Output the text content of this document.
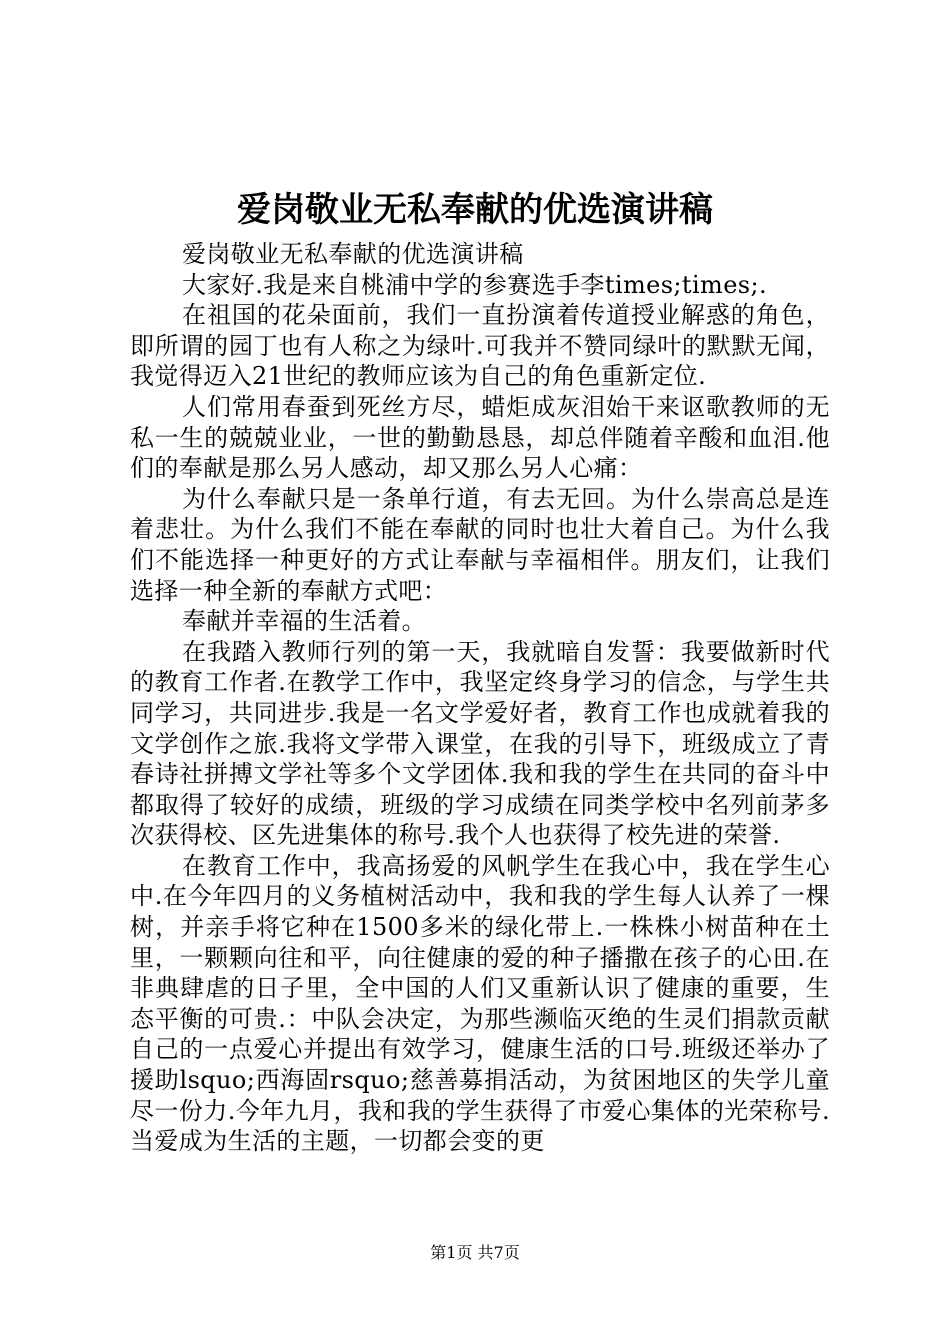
爱岗敬业无私奉献的优选演讲稿

爱岗敬业无私奉献的优选演讲稿

大家好.我是来自桃浦中学的参赛选手李times;times;.

在祖国的花朵面前，我们一直扮演着传道授业解惑的角色，即所谓的园丁也有人称之为绿叶.可我并不赞同绿叶的默默无闻，我觉得迈入21世纪的教师应该为自己的角色重新定位.

人们常用春蚕到死丝方尽，蜡炬成灰泪始干来讴歌教师的无私一生的兢兢业业，一世的勤勤恳恳，却总伴随着辛酸和血泪.他们的奉献是那么另人感动，却又那么另人心痛：

为什么奉献只是一条单行道，有去无回。为什么崇高总是连着悲壮。为什么我们不能在奉献的同时也壮大着自己。为什么我们不能选择一种更好的方式让奉献与幸福相伴。朋友们，让我们选择一种全新的奉献方式吧：

奉献并幸福的生活着。

在我踏入教师行列的第一天，我就暗自发誓：我要做新时代的教育工作者.在教学工作中，我坚定终身学习的信念，与学生共同学习，共同进步.我是一名文学爱好者，教育工作也成就着我的文学创作之旅.我将文学带入课堂，在我的引导下，班级成立了青春诗社拼搏文学社等多个文学团体.我和我的学生在共同的奋斗中都取得了较好的成绩，班级的学习成绩在同类学校中名列前茅多次获得校、区先进集体的称号.我个人也获得了校先进的荣誉.

在教育工作中，我高扬爱的风帆学生在我心中，我在学生心中.在今年四月的义务植树活动中，我和我的学生每人认养了一棵树，并亲手将它种在1500多米的绿化带上.一株株小树苗种在土里，一颗颗向往和平，向往健康的爱的种子播撒在孩子的心田.在非典肆虐的日子里，全中国的人们又重新认识了健康的重要，生态平衡的可贵.：中队会决定，为那些濒临灭绝的生灵们捐款贡献自己的一点爱心并提出有效学习，健康生活的口号.班级还举办了援助lsquo;西海固rsquo;慈善募捐活动，为贫困地区的失学儿童尽一份力.今年九月，我和我的学生获得了市爱心集体的光荣称号.当爱成为生活的主题，一切都会变的更

第1页 共7页
